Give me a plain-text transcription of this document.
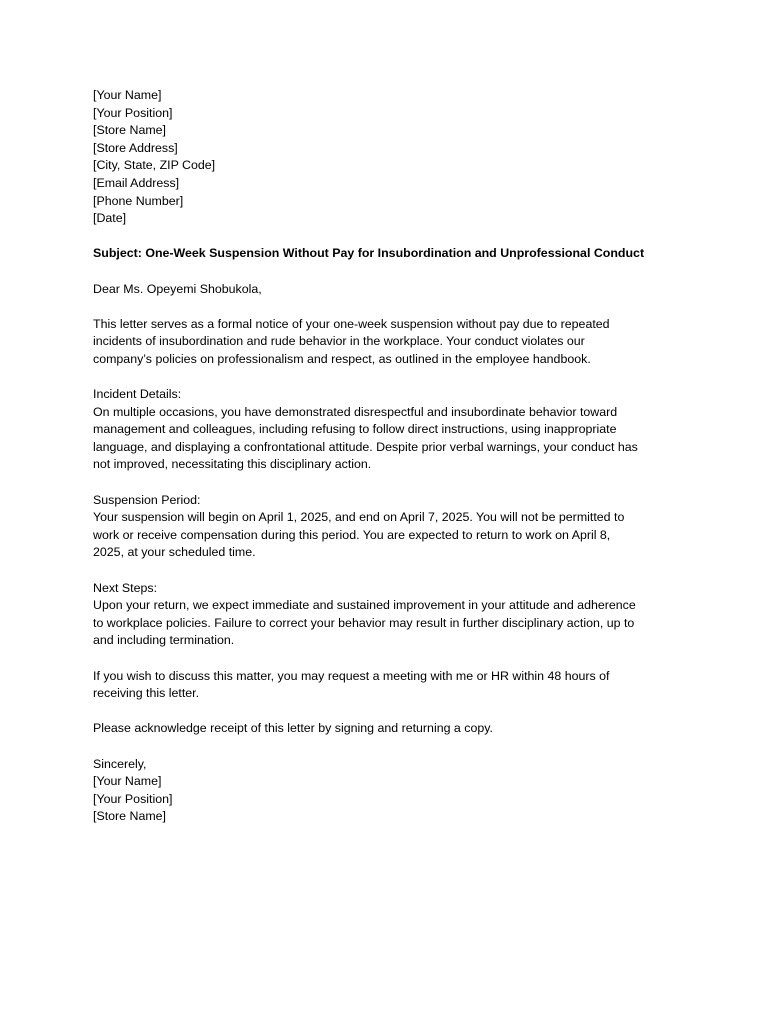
[Your Name]
[Your Position]
[Store Name]
[Store Address]
[City, State, ZIP Code]
[Email Address]
[Phone Number]
[Date]
Subject: One-Week Suspension Without Pay for Insubordination and Unprofessional Conduct
Dear Ms. Opeyemi Shobukola,
This letter serves as a formal notice of your one-week suspension without pay due to repeated
incidents of insubordination and rude behavior in the workplace. Your conduct violates our
company’s policies on professionalism and respect, as outlined in the employee handbook.
Incident Details:
On multiple occasions, you have demonstrated disrespectful and insubordinate behavior toward
management and colleagues, including refusing to follow direct instructions, using inappropriate
language, and displaying a confrontational attitude. Despite prior verbal warnings, your conduct has
not improved, necessitating this disciplinary action.
Suspension Period:
Your suspension will begin on April 1, 2025, and end on April 7, 2025. You will not be permitted to
work or receive compensation during this period. You are expected to return to work on April 8,
2025, at your scheduled time.
Next Steps:
Upon your return, we expect immediate and sustained improvement in your attitude and adherence
to workplace policies. Failure to correct your behavior may result in further disciplinary action, up to
and including termination.
If you wish to discuss this matter, you may request a meeting with me or HR within 48 hours of
receiving this letter.
Please acknowledge receipt of this letter by signing and returning a copy.
Sincerely,
[Your Name]
[Your Position]
[Store Name]
